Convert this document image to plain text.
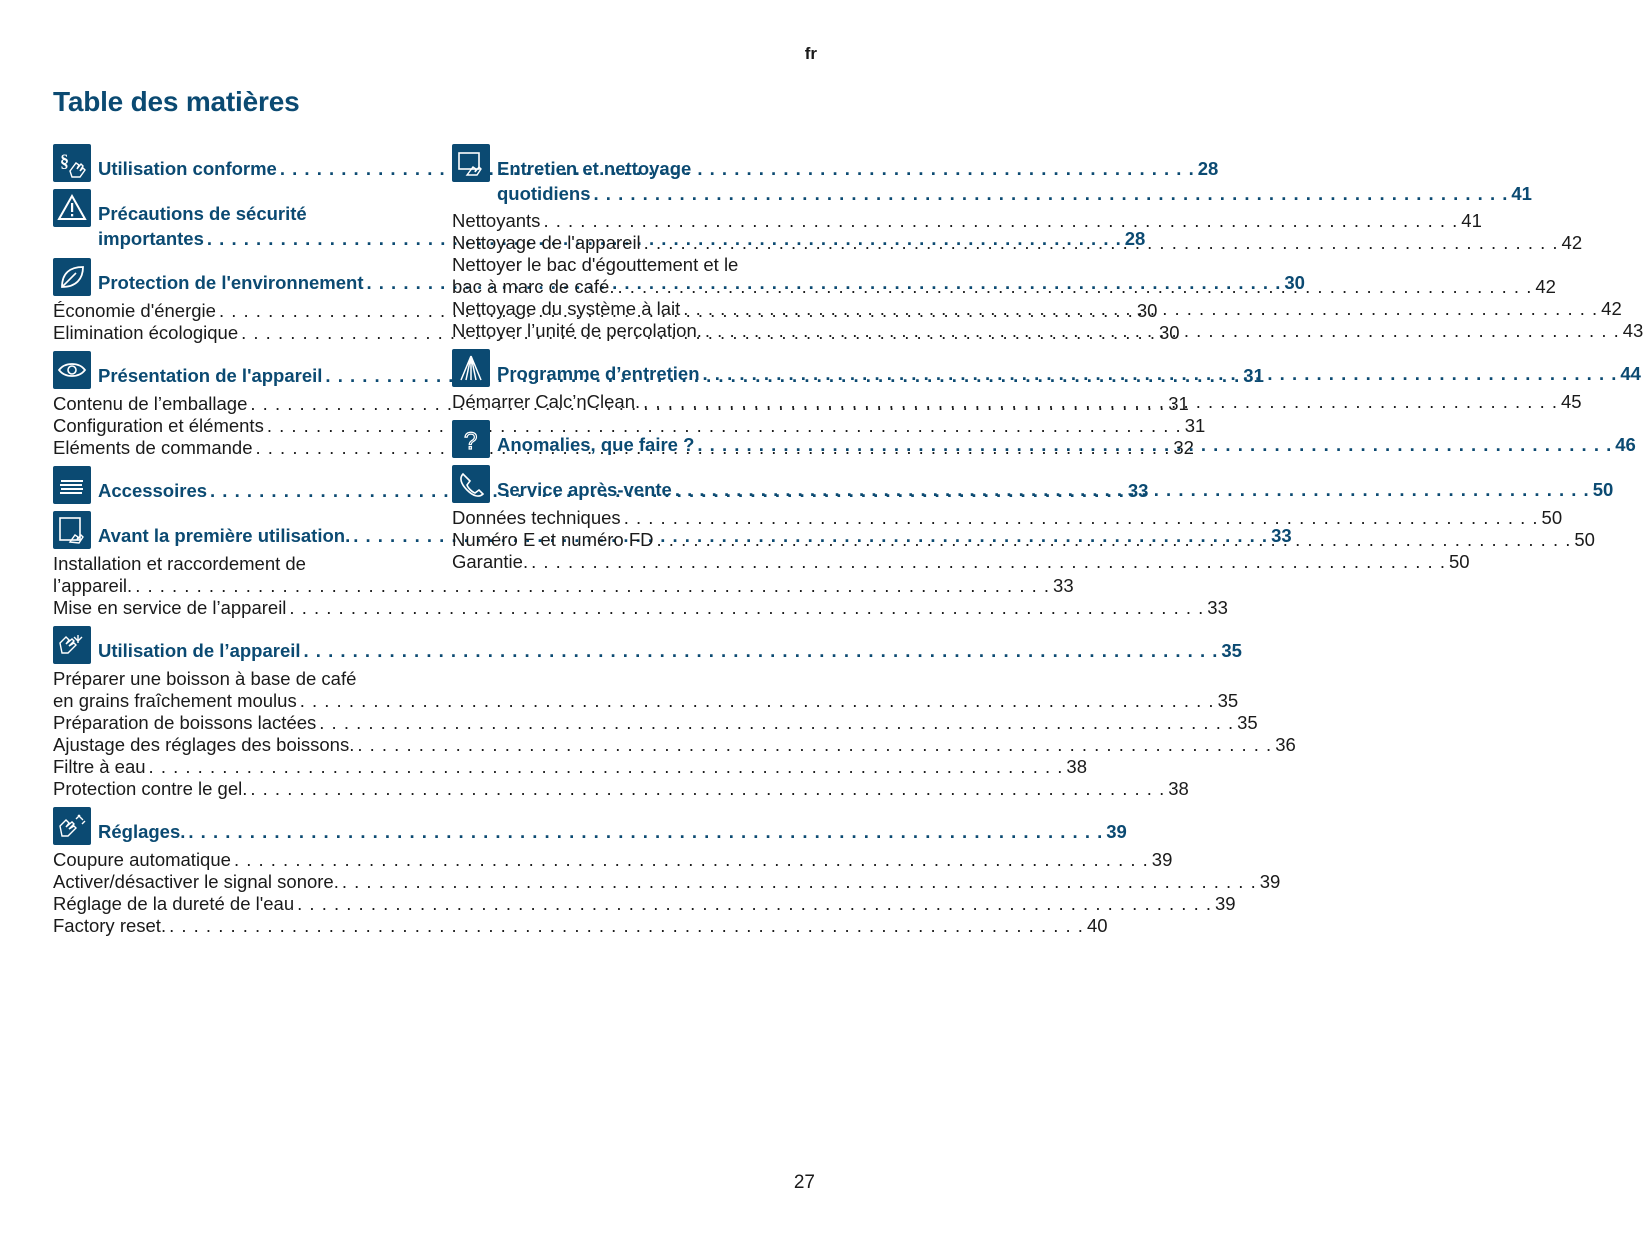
fr
Table des matières
§ Utilisation conforme . . .	28
Précautions de sécurité
importantes . . .	28
Protection de l'environnement . . .	30
Économie d'énergie . . .	30
Elimination écologique . . .	30
Présentation de l'appareil . . .	31
Contenu de l’emballage . . .	31
Configuration et éléments . . .	31
Eléments de commande . . .	32
Accessoires . . .	33
Avant la première utilisation. . . .	33
Installation et raccordement de
l’appareil. . . .	33
Mise en service de l’appareil . . .	33
Utilisation de l’appareil . . .	35
Préparer une boisson à base de café
en grains fraîchement moulus . . .	35
Préparation de boissons lactées . . .	35
Ajustage des réglages des boissons. . . .	36
Filtre à eau . . .	38
Protection contre le gel. . . .	38
Réglages. . . .	39
Coupure automatique . . .	39
Activer/désactiver le signal sonore. . . .	39
Réglage de la dureté de l'eau . . .	39
Factory reset. . . .	40
Entretien et nettoyage
quotidiens . . .	41
Nettoyants . . .	41
Nettoyage de l'appareil . . .	42
Nettoyer le bac d'égouttement et le
bac à marc de café. . . .	42
Nettoyage du système à lait . . .	42
Nettoyer l’unité de percolation. . . .	43
Programme d’entretien . . .	44
Démarrer Calc’nClean. . . .	45
? Anomalies, que faire ? . . .	46
Service après-vente . . .	50
Données techniques . . .	50
Numéro E et numéro FD . . .	50
Garantie. . . .	50
27
